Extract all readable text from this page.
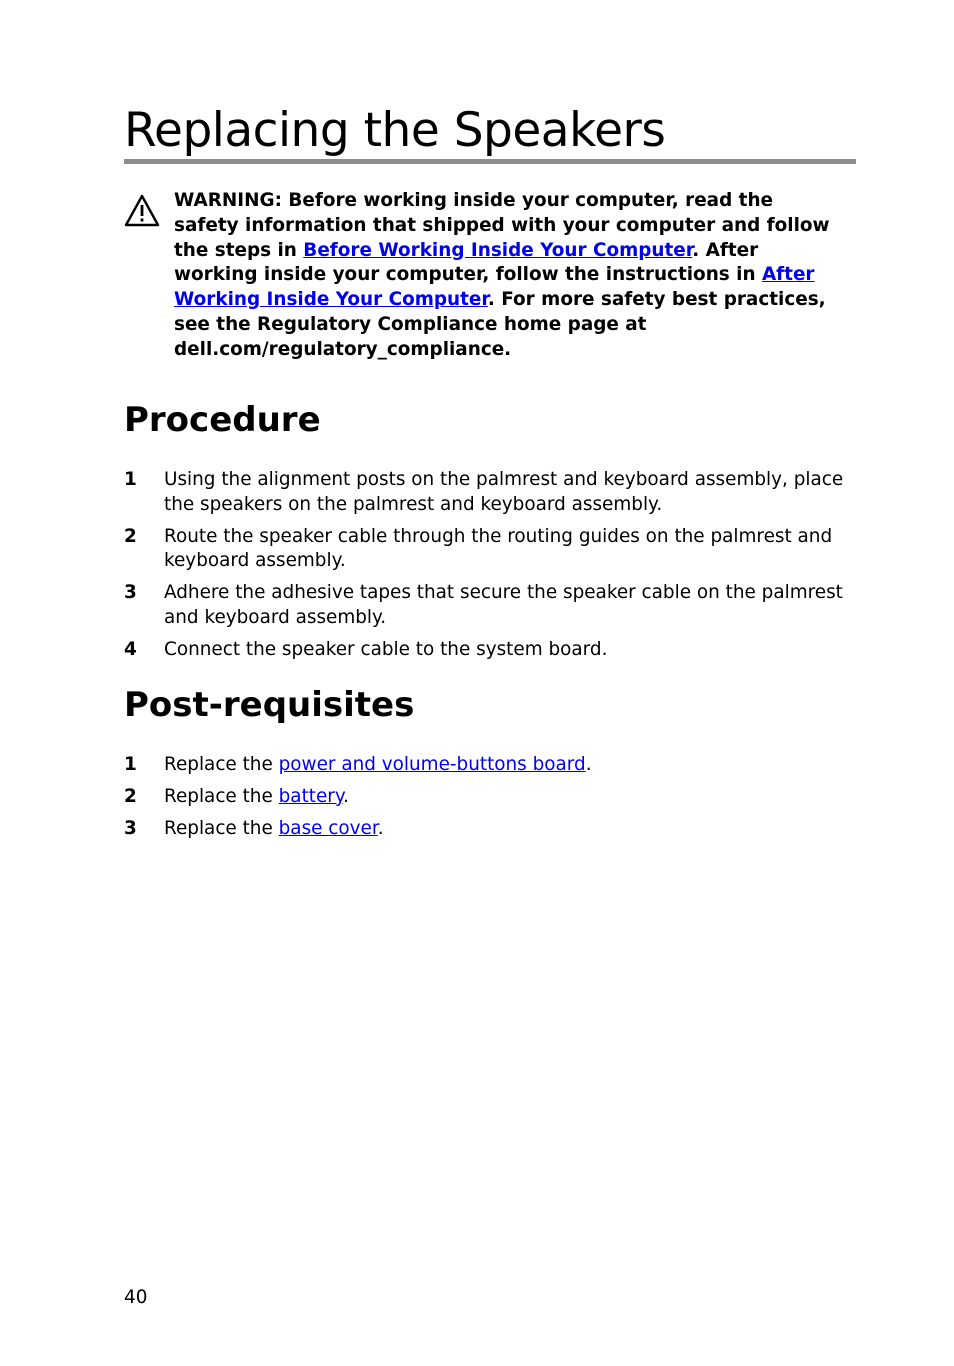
Replacing the Speakers
WARNING: Before working inside your computer, read the safety information that shipped with your computer and follow the steps in Before Working Inside Your Computer. After working inside your computer, follow the instructions in After Working Inside Your Computer. For more safety best practices, see the Regulatory Compliance home page at dell.com/regulatory_compliance.
Procedure
1 Using the alignment posts on the palmrest and keyboard assembly, place the speakers on the palmrest and keyboard assembly.
2 Route the speaker cable through the routing guides on the palmrest and keyboard assembly.
3 Adhere the adhesive tapes that secure the speaker cable on the palmrest and keyboard assembly.
4 Connect the speaker cable to the system board.
Post-requisites
1 Replace the power and volume-buttons board.
2 Replace the battery.
3 Replace the base cover.
40
